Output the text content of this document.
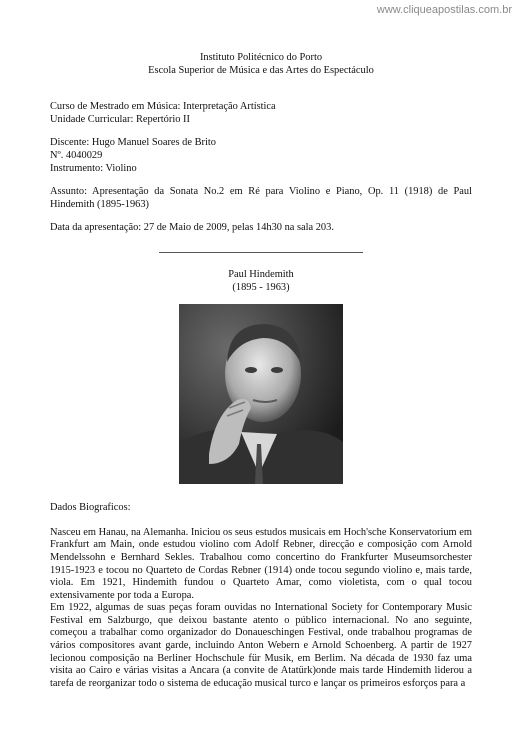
www.cliqueapostilas.com.br
Instituto Politécnico do Porto
Escola Superior de Música e das Artes do Espectáculo
Curso de Mestrado em Música: Interpretação Artística
Unidade Curricular: Repertório II
Discente: Hugo Manuel Soares de Brito
Nº. 4040029
Instrumento: Violino
Assunto: Apresentação da Sonata No.2 em Ré para Violino e Piano, Op. 11 (1918) de Paul Hindemith (1895-1963)
Data da apresentação: 27 de Maio de 2009, pelas 14h30 na sala 203.
Paul Hindemith
(1895 - 1963)
Dados Biograficos:

Nasceu em Hanau, na Alemanha. Iniciou os seus estudos musicais em Hoch'sche Konservatorium em Frankfurt am Main, onde estudou violino com Adolf Rebner, direcção e composição com Arnold Mendelssohn e Bernhard Sekles. Trabalhou como concertino do Frankfurter Museumsorchester 1915-1923 e tocou no Quarteto de Cordas Rebner (1914) onde tocou segundo violino e, mais tarde, viola. Em 1921, Hindemith fundou o Quarteto Amar, como violetista, com o qual tocou extensivamente por toda a Europa.

Em 1922, algumas de suas peças foram ouvidas no International Society for Contemporary Music Festival em Salzburgo, que deixou bastante atento o público internacional. No ano seguinte, começou a trabalhar como organizador do Donaueschingen Festival, onde trabalhou programas de vários compositores avant garde, incluindo Anton Webern e Arnold Schoenberg. A partir de 1927 lecionou composição na Berliner Hochschule für Musik, em Berlim. Na década de 1930 faz uma visita ao Cairo e várias visitas a Ancara (a convite de Atatürk)onde mais tarde Hindemith liderou a tarefa de reorganizar todo o sistema de educação musical turco e lançar os primeiros esforços para a
